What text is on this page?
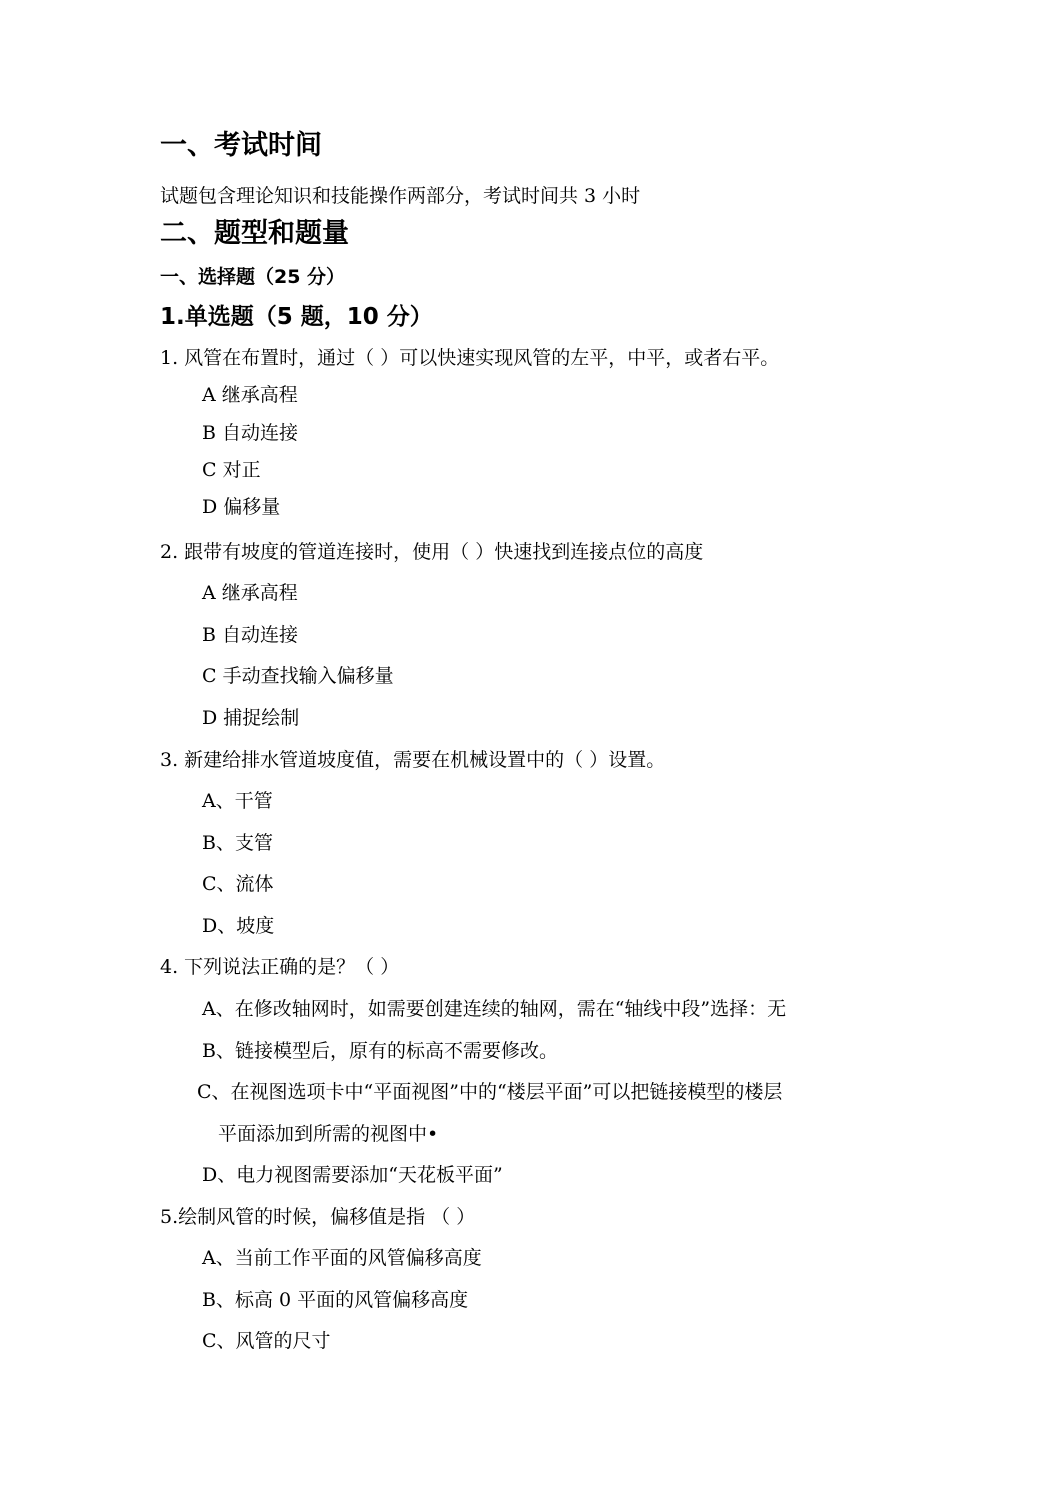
一、考试时间
试题包含理论知识和技能操作两部分，考试时间共 3 小时
二、题型和题量
一、选择题（25 分）
1.单选题（5 题，10 分）
1. 风管在布置时，通过（ ）可以快速实现风管的左平，中平，或者右平。
A 继承高程
B 自动连接
C 对正
D 偏移量
2. 跟带有坡度的管道连接时，使用（ ）快速找到连接点位的高度
A 继承高程
B 自动连接
C 手动查找输入偏移量
D 捕捉绘制
3. 新建给排水管道坡度值，需要在机械设置中的（ ）设置。
A、干管
B、支管
C、流体
D、坡度
4. 下列说法正确的是？（ ）
A、在修改轴网时，如需要创建连续的轴网，需在“轴线中段”选择：无
B、链接模型后，原有的标高不需要修改。
C、在视图选项卡中“平面视图”中的“楼层平面”可以把链接模型的楼层
平面添加到所需的视图中•
D、电力视图需要添加“天花板平面”
5.绘制风管的时候，偏移值是指 （ ）
A、当前工作平面的风管偏移高度
B、标高 0 平面的风管偏移高度
C、风管的尺寸
